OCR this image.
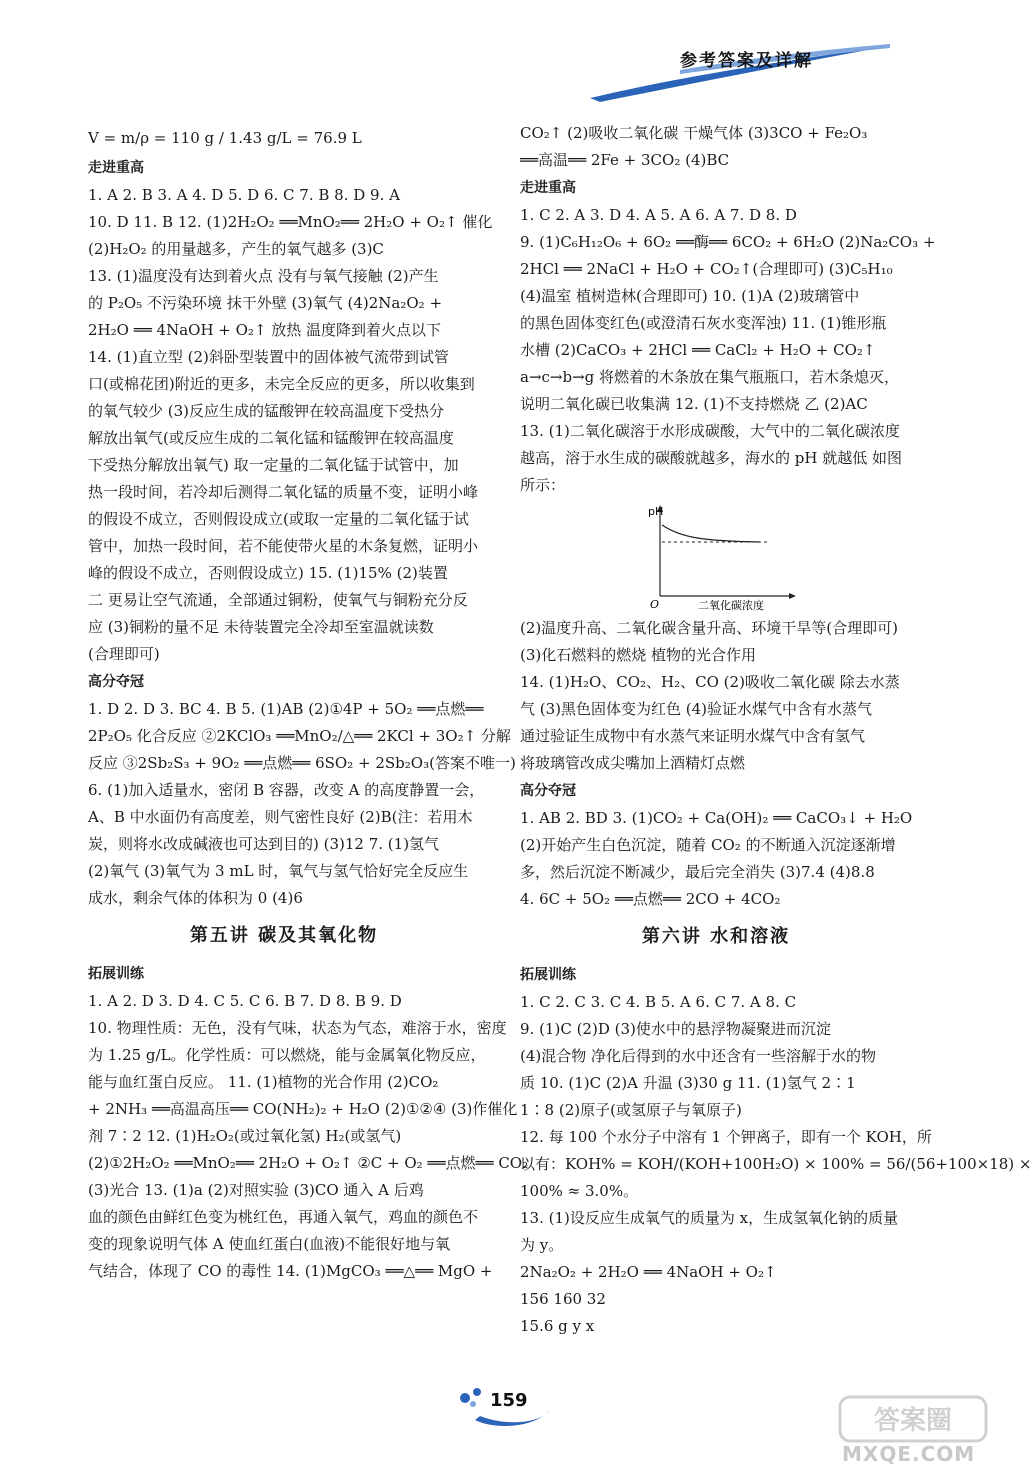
参考答案及详解
V = m/ρ = 110 g / 1.43 g/L = 76.9 L
走进重高
1. A 2. B 3. A 4. D 5. D 6. C 7. B 8. D 9. A
10. D 11. B 12. (1)2H₂O₂ ══MnO₂══ 2H₂O + O₂↑ 催化
(2)H₂O₂ 的用量越多，产生的氧气越多 (3)C
13. (1)温度没有达到着火点 没有与氧气接触 (2)产生
的 P₂O₅ 不污染环境 抹干外壁 (3)氧气 (4)2Na₂O₂ +
2H₂O ══ 4NaOH + O₂↑ 放热 温度降到着火点以下
14. (1)直立型 (2)斜卧型装置中的固体被气流带到试管
口(或棉花团)附近的更多，未完全反应的更多，所以收集到
的氧气较少 (3)反应生成的锰酸钾在较高温度下受热分
解放出氧气(或反应生成的二氧化锰和锰酸钾在较高温度
下受热分解放出氧气) 取一定量的二氧化锰于试管中，加
热一段时间，若冷却后测得二氧化锰的质量不变，证明小峰
的假设不成立，否则假设成立(或取一定量的二氧化锰于试
管中，加热一段时间，若不能使带火星的木条复燃，证明小
峰的假设不成立，否则假设成立) 15. (1)15% (2)装置
二 更易让空气流通，全部通过铜粉，使氧气与铜粉充分反
应 (3)铜粉的量不足 未待装置完全冷却至室温就读数
(合理即可)
高分夺冠
1. D 2. D 3. BC 4. B 5. (1)AB (2)①4P + 5O₂ ══点燃══
2P₂O₅ 化合反应 ②2KClO₃ ══MnO₂/△══ 2KCl + 3O₂↑ 分解
反应 ③2Sb₂S₃ + 9O₂ ══点燃══ 6SO₂ + 2Sb₂O₃(答案不唯一)
6. (1)加入适量水，密闭 B 容器，改变 A 的高度静置一会，
A、B 中水面仍有高度差，则气密性良好 (2)B(注：若用木
炭，则将水改成碱液也可达到目的) (3)12 7. (1)氢气
(2)氧气 (3)氧气为 3 mL 时，氧气与氢气恰好完全反应生
成水，剩余气体的体积为 0 (4)6
第五讲 碳及其氧化物
拓展训练
1. A 2. D 3. D 4. C 5. C 6. B 7. D 8. B 9. D
10. 物理性质：无色，没有气味，状态为气态，难溶于水，密度
为 1.25 g/L。化学性质：可以燃烧，能与金属氧化物反应，
能与血红蛋白反应。 11. (1)植物的光合作用 (2)CO₂
+ 2NH₃ ══高温高压══ CO(NH₂)₂ + H₂O (2)①②④ (3)作催化
剂 7∶2 12. (1)H₂O₂(或过氧化氢) H₂(或氢气)
(2)①2H₂O₂ ══MnO₂══ 2H₂O + O₂↑ ②C + O₂ ══点燃══ CO₂
(3)光合 13. (1)a (2)对照实验 (3)CO 通入 A 后鸡
血的颜色由鲜红色变为桃红色，再通入氧气，鸡血的颜色不
变的现象说明气体 A 使血红蛋白(血液)不能很好地与氧
气结合，体现了 CO 的毒性 14. (1)MgCO₃ ══△══ MgO +
CO₂↑ (2)吸收二氧化碳 干燥气体 (3)3CO + Fe₂O₃
══高温══ 2Fe + 3CO₂ (4)BC
走进重高
1. C 2. A 3. D 4. A 5. A 6. A 7. D 8. D
9. (1)C₆H₁₂O₆ + 6O₂ ══酶══ 6CO₂ + 6H₂O (2)Na₂CO₃ +
2HCl ══ 2NaCl + H₂O + CO₂↑(合理即可) (3)C₅H₁₀
(4)温室 植树造林(合理即可) 10. (1)A (2)玻璃管中
的黑色固体变红色(或澄清石灰水变浑浊) 11. (1)锥形瓶
水槽 (2)CaCO₃ + 2HCl ══ CaCl₂ + H₂O + CO₂↑
a→c→b→g 将燃着的木条放在集气瓶瓶口，若木条熄灭，
说明二氧化碳已收集满 12. (1)不支持燃烧 乙 (2)AC
13. (1)二氧化碳溶于水形成碳酸，大气中的二氧化碳浓度
越高，溶于水生成的碳酸就越多，海水的 pH 就越低 如图
所示：
pH
O	二氧化碳浓度
(2)温度升高、二氧化碳含量升高、环境干旱等(合理即可)
(3)化石燃料的燃烧 植物的光合作用
14. (1)H₂O、CO₂、H₂、CO (2)吸收二氧化碳 除去水蒸
气 (3)黑色固体变为红色 (4)验证水煤气中含有水蒸气
通过验证生成物中有水蒸气来证明水煤气中含有氢气
将玻璃管改成尖嘴加上酒精灯点燃
高分夺冠
1. AB 2. BD 3. (1)CO₂ + Ca(OH)₂ ══ CaCO₃↓ + H₂O
(2)开始产生白色沉淀，随着 CO₂ 的不断通入沉淀逐渐增
多，然后沉淀不断减少，最后完全消失 (3)7.4 (4)8.8
4. 6C + 5O₂ ══点燃══ 2CO + 4CO₂
第六讲 水和溶液
拓展训练
1. C 2. C 3. C 4. B 5. A 6. C 7. A 8. C
9. (1)C (2)D (3)使水中的悬浮物凝聚进而沉淀
(4)混合物 净化后得到的水中还含有一些溶解于水的物
质 10. (1)C (2)A 升温 (3)30 g 11. (1)氢气 2∶1
1∶8 (2)原子(或氢原子与氧原子)
12. 每 100 个水分子中溶有 1 个钾离子，即有一个 KOH，所
以有：KOH% = KOH/(KOH+100H₂O) × 100% = 56/(56+100×18) ×
100% ≈ 3.0%。
13. (1)设反应生成氧气的质量为 x，生成氢氧化钠的质量
为 y。
2Na₂O₂ + 2H₂O ══ 4NaOH + O₂↑
156 160 32
15.6 g y x
159
答案圈
MXQE.COM
